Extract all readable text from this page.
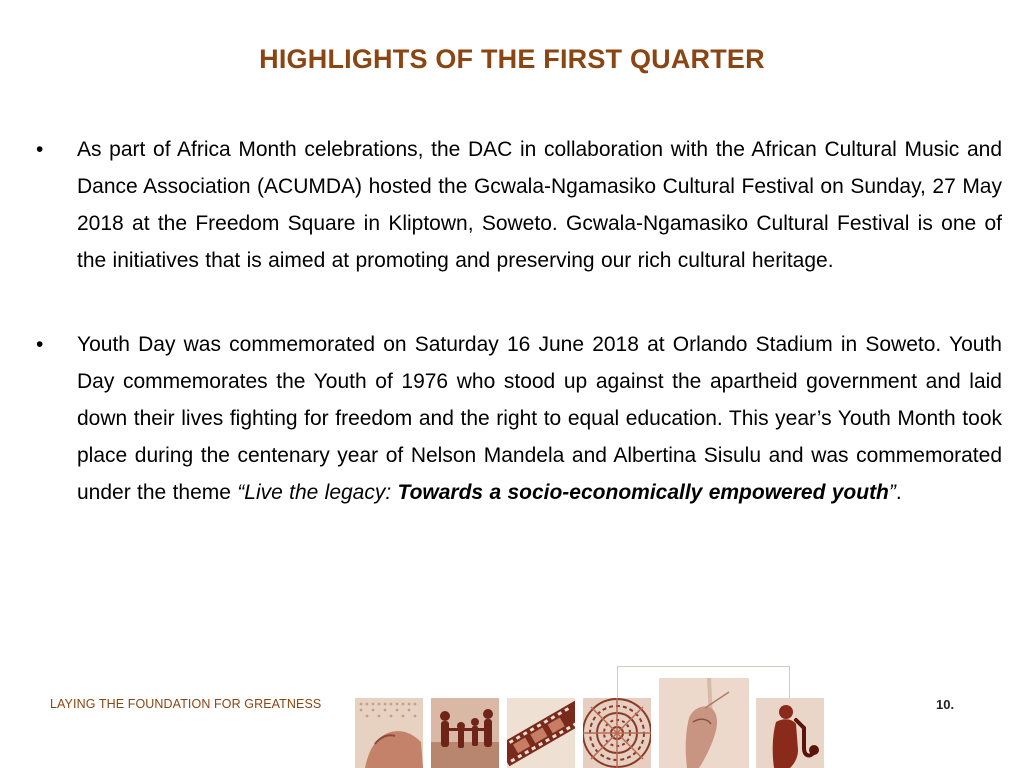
HIGHLIGHTS OF THE FIRST QUARTER
• As part of Africa Month celebrations, the DAC in collaboration with the African Cultural Music and Dance Association (ACUMDA) hosted the Gcwala-Ngamasiko Cultural Festival on Sunday, 27 May 2018 at the Freedom Square in Kliptown, Soweto. Gcwala-Ngamasiko Cultural Festival is one of the initiatives that is aimed at promoting and preserving our rich cultural heritage.
• Youth Day was commemorated on Saturday 16 June 2018 at Orlando Stadium in Soweto. Youth Day commemorates the Youth of 1976 who stood up against the apartheid government and laid down their lives fighting for freedom and the right to equal education. This year’s Youth Month took place during the centenary year of Nelson Mandela and Albertina Sisulu and was commemorated under the theme “Live the legacy: Towards a socio-economically empowered youth”.
LAYING THE FOUNDATION FOR GREATNESS	10.
